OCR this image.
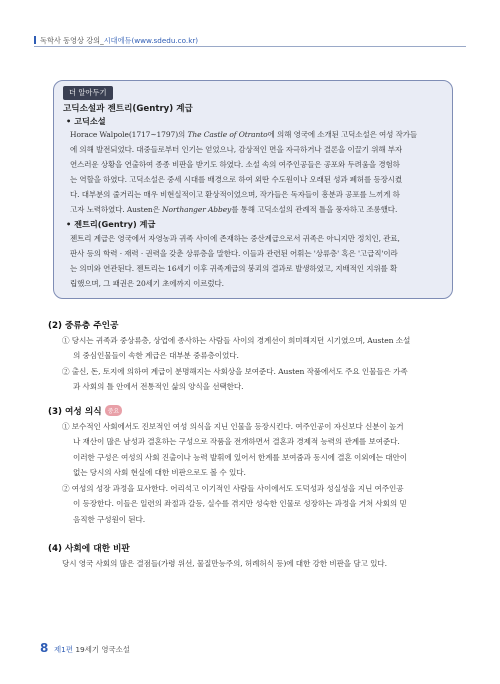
독학사 동영상 강의_시대에듀(www.sdedu.co.kr)
더 알아두기
고딕소설과 젠트리(Gentry) 계급
• 고딕소설
Horace Walpole(1717~1797)의 The Castle of Otranto에 의해 영국에 소개된 고딕소설은 여성 작가들
에 의해 발전되었다. 대중들로부터 인기는 얻었으나, 감상적인 면을 자극하거나 결론을 이끌기 위해 부자
연스러운 상황을 연출하여 종종 비판을 받기도 하였다. 소설 속의 여주인공들은 공포와 두려움을 경험하
는 역할을 하였다. 고딕소설은 중세 시대를 배경으로 하여 외딴 수도원이나 오래된 성과 폐허를 등장시켰
다. 대부분의 줄거리는 매우 비현실적이고 환상적이었으며, 작가들은 독자들이 흥분과 공포를 느끼게 하
고자 노력하였다. Austen은 Northanger Abbey를 통해 고딕소설의 관례적 틀을 풍자하고 조롱했다.
• 젠트리(Gentry) 계급
젠트리 계급은 영국에서 자영농과 귀족 사이에 존재하는 중산계급으로서 귀족은 아니지만 정치인, 관료,
판사 등의 학력 · 재력 · 권력을 갖춘 상류층을 말한다. 이들과 관련된 어휘는 '상류층' 혹은 '고급직'이라
는 의미와 연관된다. 젠트리는 16세기 이후 귀족계급의 붕괴의 결과로 발생하였고, 지배적인 지위를 확
립했으며, 그 패권은 20세기 초에까지 이르렀다.
(2) 중류층 주인공
① 당시는 귀족과 중상류층, 상업에 종사하는 사람들 사이의 경계선이 희미해지던 시기였으며, Austen 소설
의 중심인물들이 속한 계급은 대부분 중류층이었다.
② 출신, 돈, 토지에 의하여 계급이 분명해지는 사회상을 보여준다. Austen 작품에서도 주요 인물들은 가족
과 사회의 틀 안에서 전통적인 삶의 양식을 선택한다.
(3) 여성 의식 중요
① 보수적인 사회에서도 진보적인 여성 의식을 지닌 인물을 등장시킨다. 여주인공이 자신보다 신분이 높거
나 재산이 많은 남성과 결혼하는 구성으로 작품을 전개하면서 결혼과 경제적 능력의 관계를 보여준다.
이러한 구성은 여성의 사회 진출이나 능력 발휘에 있어서 한계를 보여줌과 동시에 결혼 이외에는 대안이
없는 당시의 사회 현실에 대한 비판으로도 볼 수 있다.
② 여성의 성장 과정을 묘사한다. 어리석고 이기적인 사람들 사이에서도 도덕성과 성실성을 지닌 여주인공
이 등장한다. 이들은 일련의 좌절과 갈등, 실수를 겪지만 성숙한 인물로 성장하는 과정을 거쳐 사회의 믿
음직한 구성원이 된다.
(4) 사회에 대한 비판
당시 영국 사회의 많은 결점들(가령 위선, 물질만능주의, 허례허식 등)에 대한 강한 비판을 담고 있다.
8 제1편 19세기 영국소설
